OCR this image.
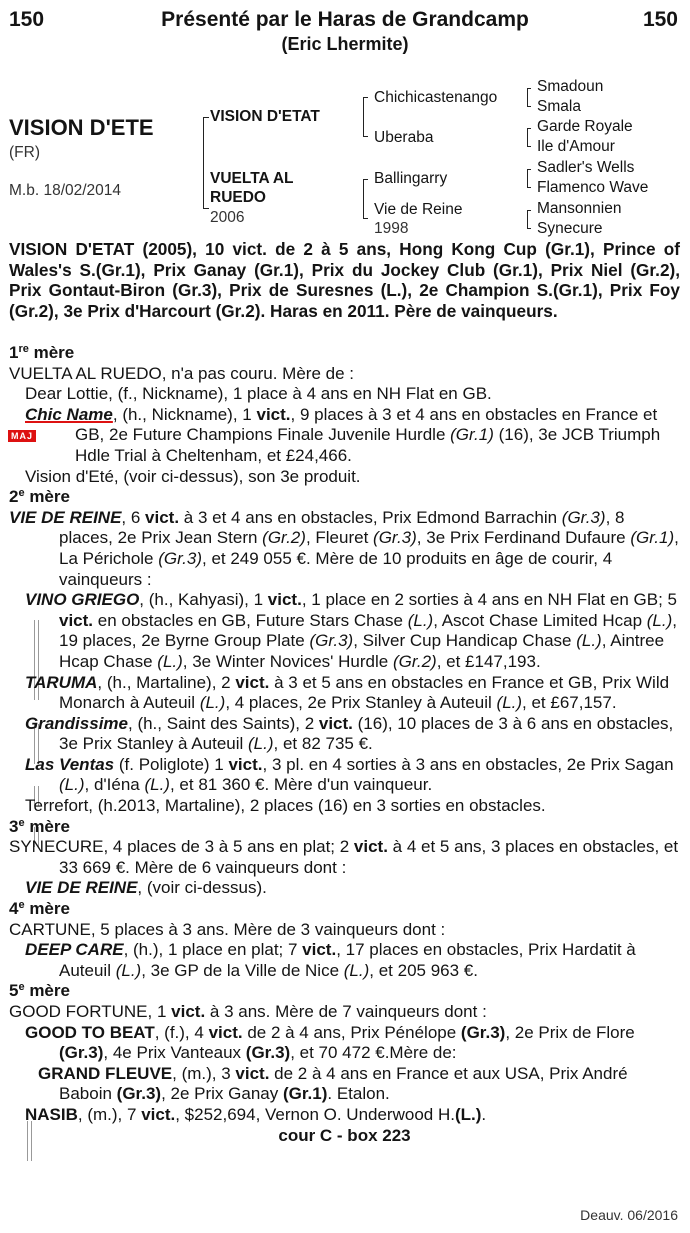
150	150
Présenté par le Haras de Grandcamp
(Eric Lhermite)
VISION D'ETE
(FR)
M.b. 18/02/2014
VISION D'ETAT
VUELTA AL RUEDO
2006
Chichicastenango
Uberaba
Ballingarry
Vie de Reine
1998
Smadoun
Smala
Garde Royale
Ile d'Amour
Sadler's Wells
Flamenco Wave
Mansonnien
Synecure
VISION D'ETAT (2005), 10 vict. de 2 à 5 ans, Hong Kong Cup (Gr.1), Prince of Wales's S.(Gr.1), Prix Ganay (Gr.1), Prix du Jockey Club (Gr.1), Prix Niel (Gr.2), Prix Gontaut-Biron (Gr.3), Prix de Suresnes (L.), 2e Champion S.(Gr.1), Prix Foy (Gr.2), 3e Prix d'Harcourt (Gr.2). Haras en 2011. Père de vainqueurs.
MAJ
1re mère
VUELTA AL RUEDO, n'a pas couru. Mère de :
Dear Lottie, (f., Nickname), 1 place à 4 ans en NH Flat en GB.
Chic Name, (h., Nickname), 1 vict., 9 places à 3 et 4 ans en obstacles en France et GB, 2e Future Champions Finale Juvenile Hurdle (Gr.1) (16), 3e JCB Triumph Hdle Trial à Cheltenham, et £24,466.
Vision d'Eté, (voir ci-dessus), son 3e produit.
2e mère
VIE DE REINE, 6 vict. à 3 et 4 ans en obstacles, Prix Edmond Barrachin (Gr.3), 8 places, 2e Prix Jean Stern (Gr.2), Fleuret (Gr.3), 3e Prix Ferdinand Dufaure (Gr.1), La Périchole (Gr.3), et 249 055 €. Mère de 10 produits en âge de courir, 4 vainqueurs :
VINO GRIEGO, (h., Kahyasi), 1 vict., 1 place en 2 sorties à 4 ans en NH Flat en GB; 5 vict. en obstacles en GB, Future Stars Chase (L.), Ascot Chase Limited Hcap (L.), 19 places, 2e Byrne Group Plate (Gr.3), Silver Cup Handicap Chase (L.), Aintree Hcap Chase (L.), 3e Winter Novices' Hurdle (Gr.2), et £147,193.
TARUMA, (h., Martaline), 2 vict. à 3 et 5 ans en obstacles en France et GB, Prix Wild Monarch à Auteuil (L.), 4 places, 2e Prix Stanley à Auteuil (L.), et £67,157.
Grandissime, (h., Saint des Saints), 2 vict. (16), 10 places de 3 à 6 ans en obstacles, 3e Prix Stanley à Auteuil (L.), et 82 735 €.
Las Ventas (f. Poliglote) 1 vict., 3 pl. en 4 sorties à 3 ans en obstacles, 2e Prix Sagan (L.), d'Iéna (L.), et 81 360 €. Mère d'un vainqueur.
Terrefort, (h.2013, Martaline), 2 places (16) en 3 sorties en obstacles.
3e mère
SYNECURE, 4 places de 3 à 5 ans en plat; 2 vict. à 4 et 5 ans, 3 places en obstacles, et 33 669 €. Mère de 6 vainqueurs dont :
VIE DE REINE, (voir ci-dessus).
4e mère
CARTUNE, 5 places à 3 ans. Mère de 3 vainqueurs dont :
DEEP CARE, (h.), 1 place en plat; 7 vict., 17 places en obstacles, Prix Hardatit à Auteuil (L.), 3e GP de la Ville de Nice (L.), et 205 963 €.
5e mère
GOOD FORTUNE, 1 vict. à 3 ans. Mère de 7 vainqueurs dont :
GOOD TO BEAT, (f.), 4 vict. de 2 à 4 ans, Prix Pénélope (Gr.3), 2e Prix de Flore (Gr.3), 4e Prix Vanteaux (Gr.3), et 70 472 €.Mère de:
GRAND FLEUVE, (m.), 3 vict. de 2 à 4 ans en France et aux USA, Prix André Baboin (Gr.3), 2e Prix Ganay (Gr.1). Etalon.
NASIB, (m.), 7 vict., $252,694, Vernon O. Underwood H.(L.).
cour C - box 223
Deauv. 06/2016
